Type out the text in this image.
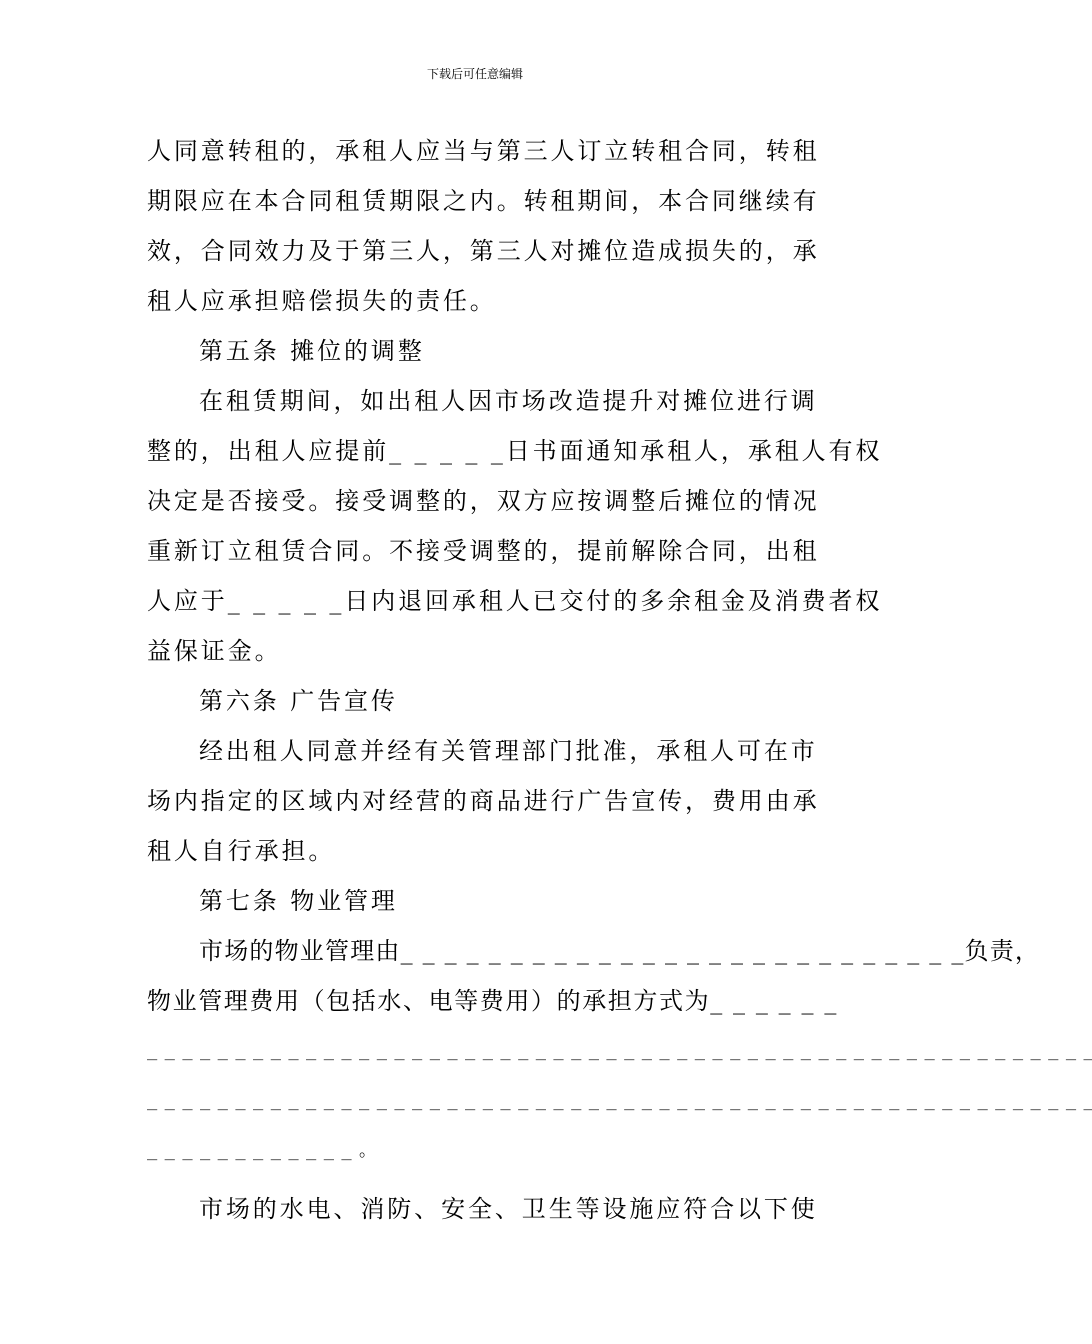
下载后可任意编辑
人同意转租的，承租人应当与第三人订立转租合同，转租
期限应在本合同租赁期限之内。转租期间，本合同继续有
效，合同效力及于第三人，第三人对摊位造成损失的，承
租人应承担赔偿损失的责任。
第五条 摊位的调整
在租赁期间，如出租人因市场改造提升对摊位进行调
整的，出租人应提前_ _ _ _ _日书面通知承租人，承租人有权
决定是否接受。接受调整的，双方应按调整后摊位的情况
重新订立租赁合同。不接受调整的，提前解除合同，出租
人应于_ _ _ _ _日内退回承租人已交付的多余租金及消费者权
益保证金。
第六条 广告宣传
经出租人同意并经有关管理部门批准，承租人可在市
场内指定的区域内对经营的商品进行广告宣传，费用由承
租人自行承担。
第七条 物业管理
市场的物业管理由_ _ _ _ _ _ _ _ _ _ _ _ _ _ _ _ _ _ _ _ _ _ _ _ _ _负责，
物业管理费用（包括水、电等费用）的承担方式为_ _ _ _ _ _
_ _ _ _ _ _ _ _ _ _ _ _ _ _ _ _ _ _ _ _ _ _ _ _ _ _ _ _ _ _ _ _ _ _ _ _ _ _ _ _ _ _ _ _ _ _ _ _ _ _ _ _ _ _
_ _ _ _ _ _ _ _ _ _ _ _ _ _ _ _ _ _ _ _ _ _ _ _ _ _ _ _ _ _ _ _ _ _ _ _ _ _ _ _ _ _ _ _ _ _ _ _ _ _ _ _ _ _
_ _ _ _ _ _ _ _ _ _ _ _ 。
市场的水电、消防、安全、卫生等设施应符合以下使
